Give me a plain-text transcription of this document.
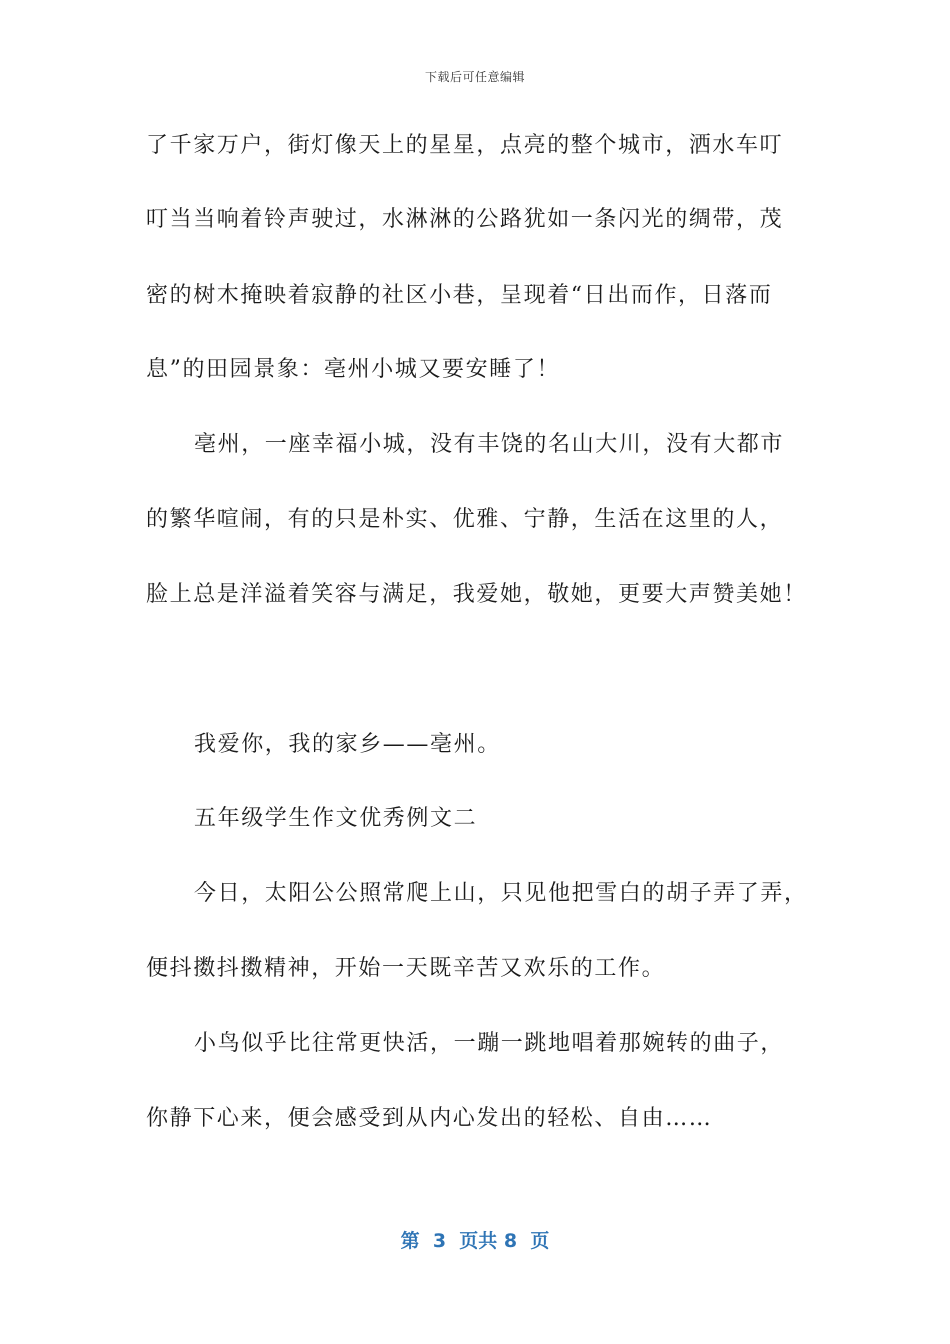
下载后可任意编辑
了千家万户，街灯像天上的星星，点亮的整个城市，洒水车叮
叮当当响着铃声驶过，水淋淋的公路犹如一条闪光的绸带，茂
密的树木掩映着寂静的社区小巷，呈现着“日出而作，日落而
息”的田园景象：亳州小城又要安睡了！
亳州，一座幸福小城，没有丰饶的名山大川，没有大都市
的繁华喧闹，有的只是朴实、优雅、宁静，生活在这里的人，
脸上总是洋溢着笑容与满足，我爱她，敬她，更要大声赞美她！
我爱你，我的家乡——亳州。
五年级学生作文优秀例文二
今日，太阳公公照常爬上山，只见他把雪白的胡子弄了弄，
便抖擞抖擞精神，开始一天既辛苦又欢乐的工作。
小鸟似乎比往常更快活，一蹦一跳地唱着那婉转的曲子，
你静下心来，便会感受到从内心发出的轻松、自由……
第  3  页共 8  页
